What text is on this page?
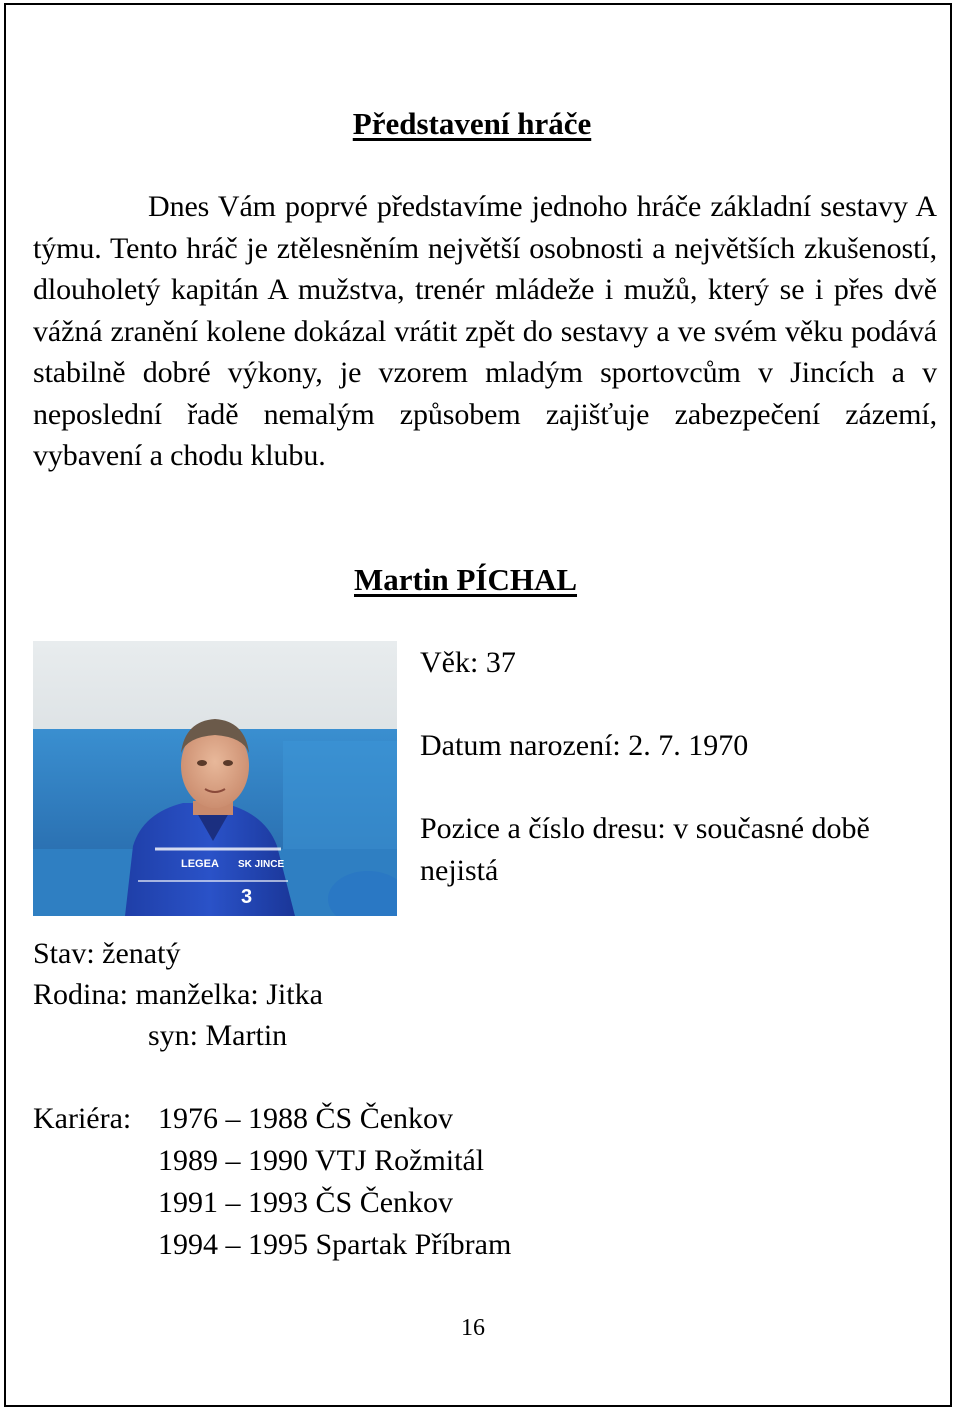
Představení hráče

Dnes Vám poprvé představíme jednoho hráče základní sestavy A týmu. Tento hráč je ztělesněním největší osobnosti a největších zkušeností, dlouholetý kapitán A mužstva, trenér mládeže i mužů, který se i přes dvě vážná zranění kolene dokázal vrátit zpět do sestavy a ve svém věku podává stabilně dobré výkony, je vzorem mladým sportovcům v Jincích a v neposlední řadě nemalým způsobem zajišťuje zabezpečení zázemí, vybavení a chodu klubu.

Martin PÍCHAL
LEGEA SK JINCE
3
Věk: 37
Datum narození: 2. 7. 1970
Pozice a číslo dresu: v současné době nejistá
Stav: ženatý
Rodina: manželka: Jitka
syn: Martin
Kariéra: 1976 – 1988 ČS Čenkov
1989 – 1990 VTJ Rožmitál
1991 – 1993 ČS Čenkov
1994 – 1995 Spartak Příbram
16
